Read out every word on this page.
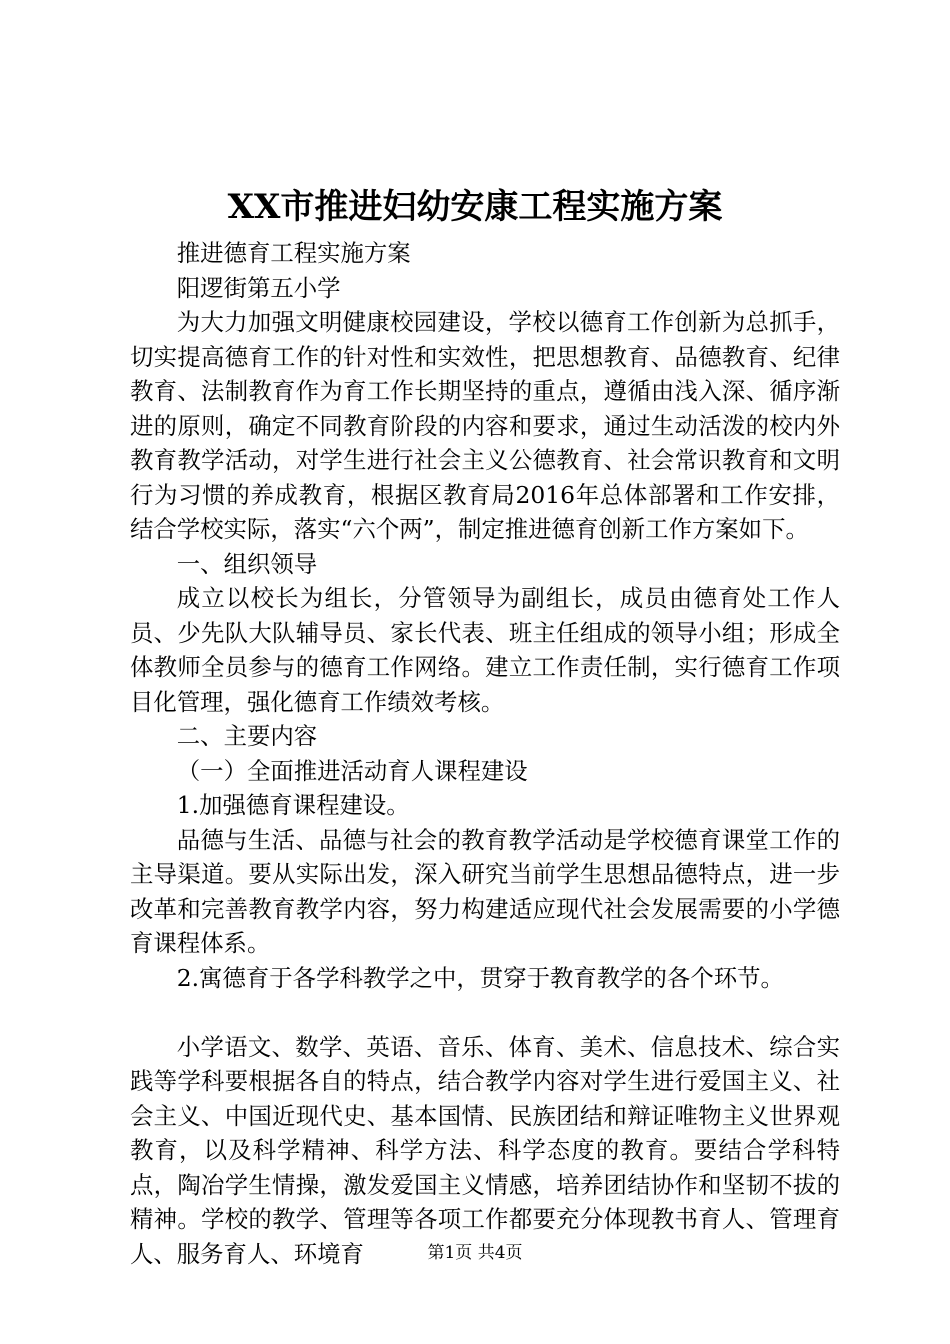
XX市推进妇幼安康工程实施方案

推进德育工程实施方案

阳逻街第五小学

为大力加强文明健康校园建设，学校以德育工作创新为总抓手，切实提高德育工作的针对性和实效性，把思想教育、品德教育、纪律教育、法制教育作为育工作长期坚持的重点，遵循由浅入深、循序渐进的原则，确定不同教育阶段的内容和要求，通过生动活泼的校内外教育教学活动，对学生进行社会主义公德教育、社会常识教育和文明行为习惯的养成教育，根据区教育局2016年总体部署和工作安排，结合学校实际，落实“六个两”，制定推进德育创新工作方案如下。

一、组织领导

成立以校长为组长，分管领导为副组长，成员由德育处工作人员、少先队大队辅导员、家长代表、班主任组成的领导小组；形成全体教师全员参与的德育工作网络。建立工作责任制，实行德育工作项目化管理，强化德育工作绩效考核。

二、主要内容

（一）全面推进活动育人课程建设

1.加强德育课程建设。

品德与生活、品德与社会的教育教学活动是学校德育课堂工作的主导渠道。要从实际出发，深入研究当前学生思想品德特点，进一步改革和完善教育教学内容，努力构建适应现代社会发展需要的小学德育课程体系。

2.寓德育于各学科教学之中，贯穿于教育教学的各个环节。

小学语文、数学、英语、音乐、体育、美术、信息技术、综合实践等学科要根据各自的特点，结合教学内容对学生进行爱国主义、社会主义、中国近现代史、基本国情、民族团结和辩证唯物主义世界观教育，以及科学精神、科学方法、科学态度的教育。要结合学科特点，陶冶学生情操，激发爱国主义情感，培养团结协作和坚韧不拔的精神。学校的教学、管理等各项工作都要充分体现教书育人、管理育人、服务育人、环境育	第1页 共4页
